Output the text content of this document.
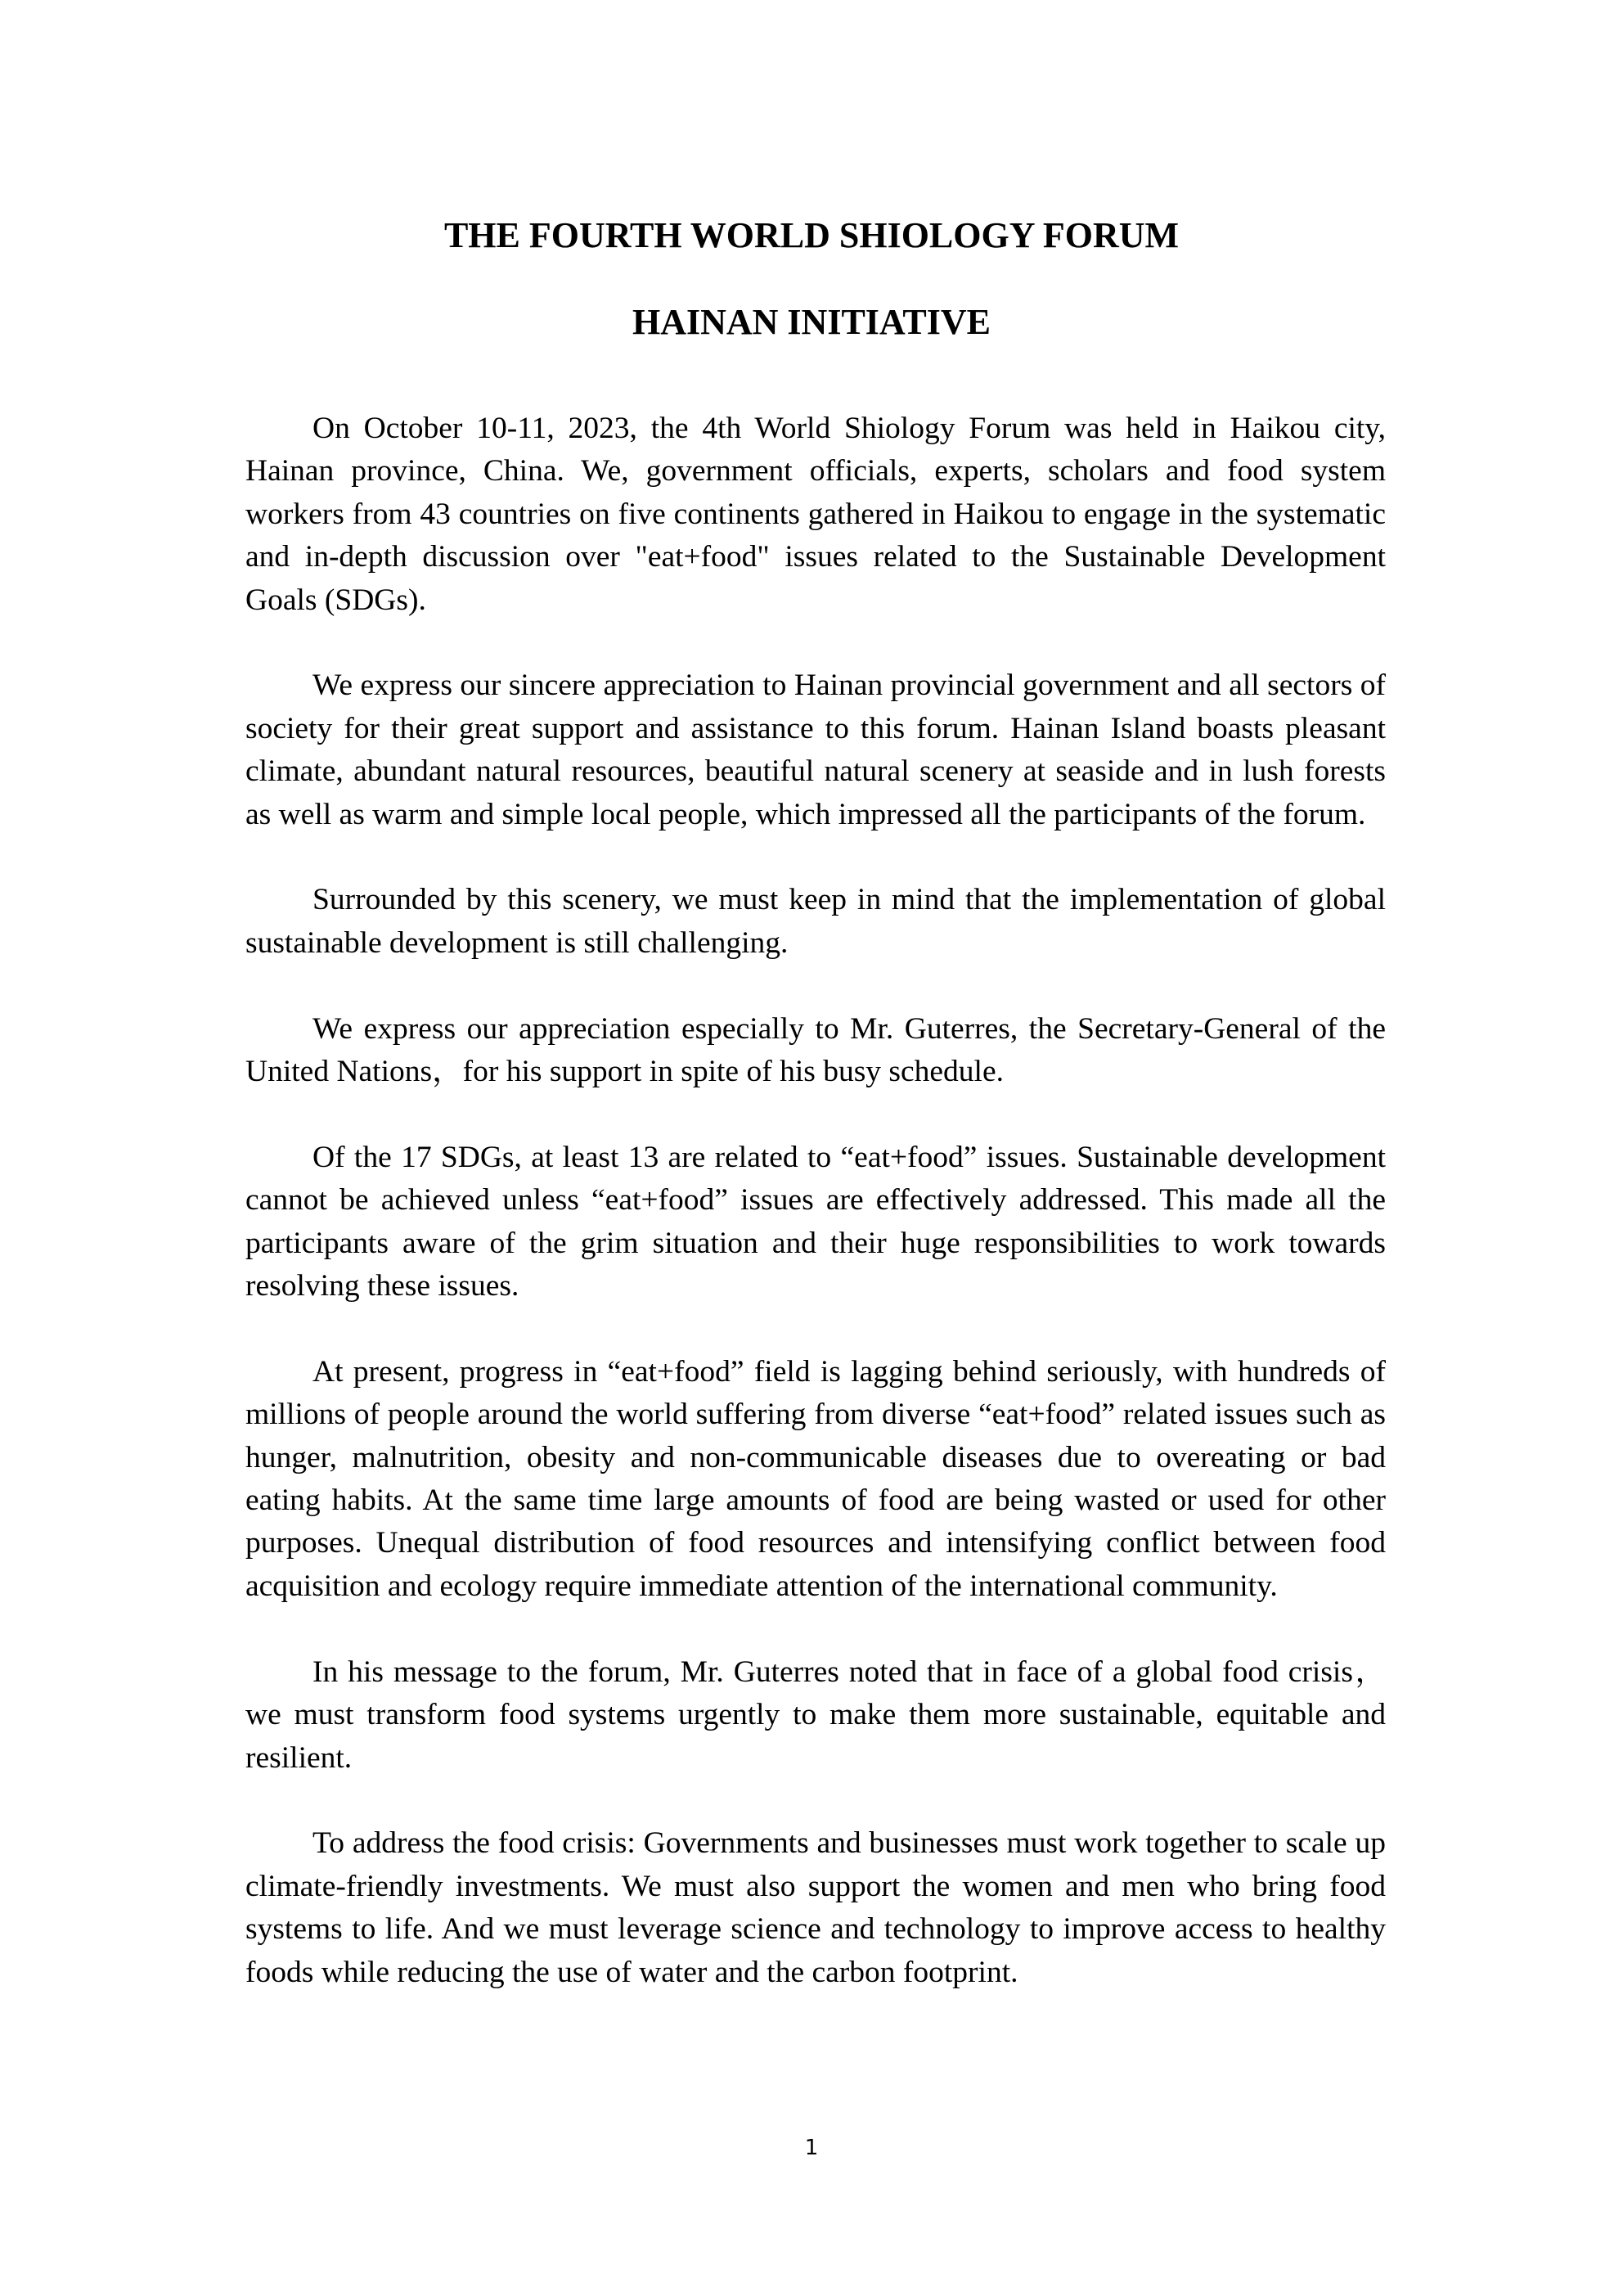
THE FOURTH WORLD SHIOLOGY FORUM
HAINAN INITIATIVE

On October 10-11, 2023, the 4th World Shiology Forum was held in Haikou city, Hainan province, China. We, government officials, experts, scholars and food system workers from 43 countries on five continents gathered in Haikou to engage in the systematic and in-depth discussion over "eat+food" issues related to the Sustainable Development Goals (SDGs).

We express our sincere appreciation to Hainan provincial government and all sectors of society for their great support and assistance to this forum. Hainan Island boasts pleasant climate, abundant natural resources, beautiful natural scenery at seaside and in lush forests as well as warm and simple local people, which impressed all the participants of the forum.

Surrounded by this scenery, we must keep in mind that the implementation of global sustainable development is still challenging.

We express our appreciation especially to Mr. Guterres, the Secretary-General of the United Nations，for his support in spite of his busy schedule.

Of the 17 SDGs, at least 13 are related to “eat+food” issues. Sustainable development cannot be achieved unless “eat+food” issues are effectively addressed. This made all the participants aware of the grim situation and their huge responsibilities to work towards resolving these issues.

At present, progress in “eat+food” field is lagging behind seriously, with hundreds of millions of people around the world suffering from diverse “eat+food” related issues such as hunger, malnutrition, obesity and non-communicable diseases due to overeating or bad eating habits. At the same time large amounts of food are being wasted or used for other purposes. Unequal distribution of food resources and intensifying conflict between food acquisition and ecology require immediate attention of the international community.

In his message to the forum, Mr. Guterres noted that in face of a global food crisis， we must transform food systems urgently to make them more sustainable, equitable and resilient.

To address the food crisis: Governments and businesses must work together to scale up climate-friendly investments. We must also support the women and men who bring food systems to life. And we must leverage science and technology to improve access to healthy foods while reducing the use of water and the carbon footprint.

1
